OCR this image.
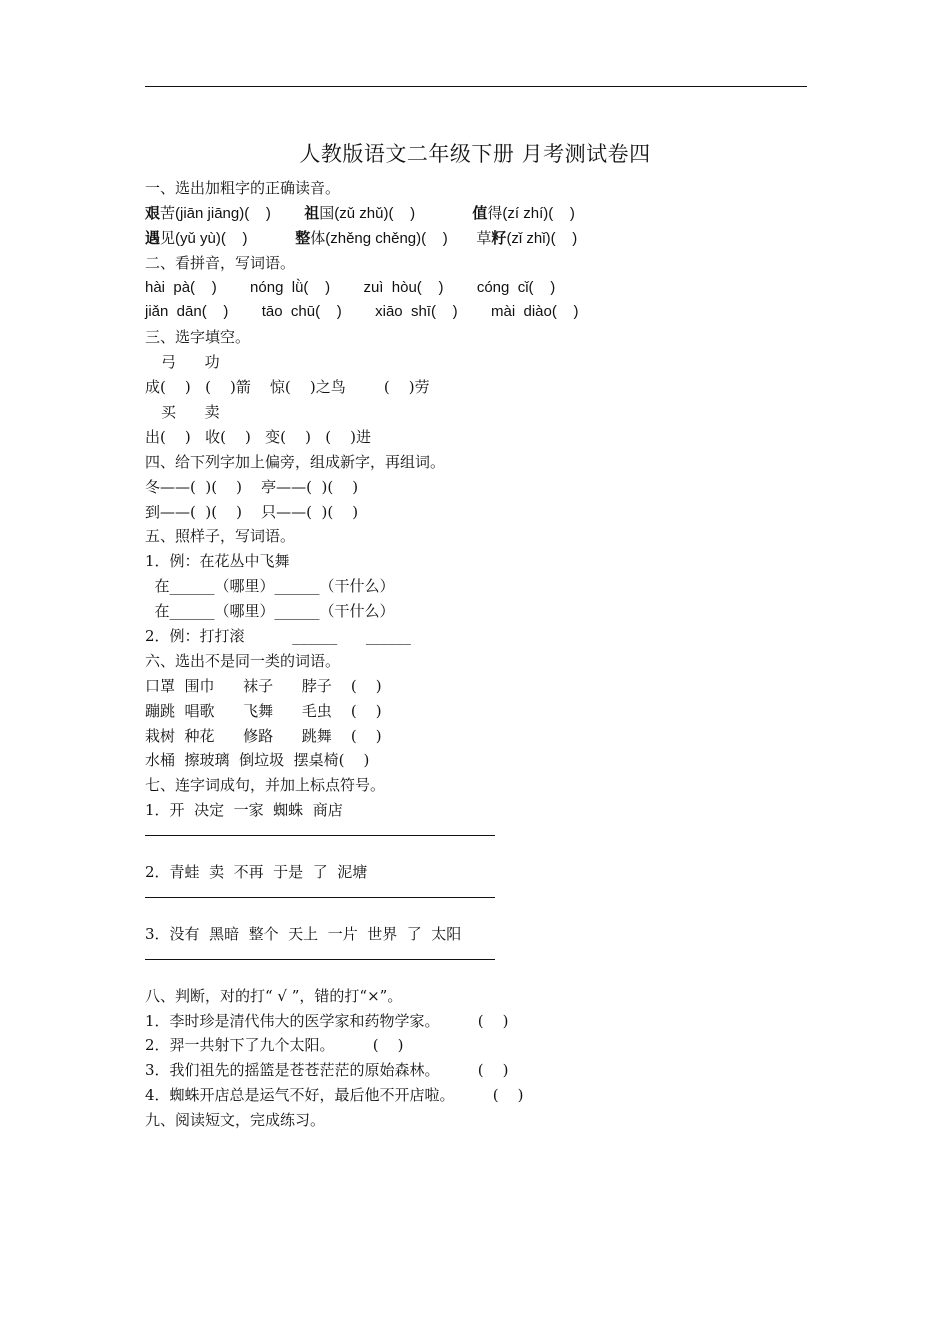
人教版语文二年级下册 月考测试卷四
一、选出加粗字的正确读音。
艰苦(jiān jiāng)(    ) 祖国(zǔ zhǔ)(    )	值得(zí zhí)(    )
遇见(yǔ yù)(    )	整体(zhěng chěng)(    ) 草籽(zǐ zhǐ)(    )
二、看拼音，写词语。
hài  pà(    ) nóng  lǜ(    ) zuì  hòu(    ) cóng  cǐ(    )
jiǎn  dān(    ) tāo  chū(    ) xiāo  shī(    ) mài  diào(    )
三、选字填空。
弓      功
成(    )   (    )箭    惊(    )之鸟        (    )劳
买      卖
出(    )   收(    )   变(    )   (    )进
四、给下列字加上偏旁，组成新字，再组词。
冬——(  )(    )    亭——(  )(    )
到——(  )(    )    只——(  )(    )
五、照样子，写词语。
1．例：在花丛中飞舞
在______（哪里）______（干什么）
在______（哪里）______（干什么）
2．例：打打滚          ______      ______
六、选出不是同一类的词语。
口罩  围巾      袜子      脖子    (    )
蹦跳  唱歌      飞舞      毛虫    (    )
栽树  种花      修路      跳舞    (    )
水桶  擦玻璃  倒垃圾  摆桌椅(    )
七、连字词成句，并加上标点符号。
1．开  决定  一家  蜘蛛  商店
2．青蛙  卖  不再  于是  了  泥塘
3．没有  黑暗  整个  天上  一片  世界  了  太阳
八、判断，对的打“ √ ”，错的打“×”。
1．李时珍是清代伟大的医学家和药物学家。        (    )
2．羿一共射下了九个太阳。        (    )
3．我们祖先的摇篮是苍苍茫茫的原始森林。        (    )
4．蜘蛛开店总是运气不好，最后他不开店啦。        (    )
九、阅读短文，完成练习。
